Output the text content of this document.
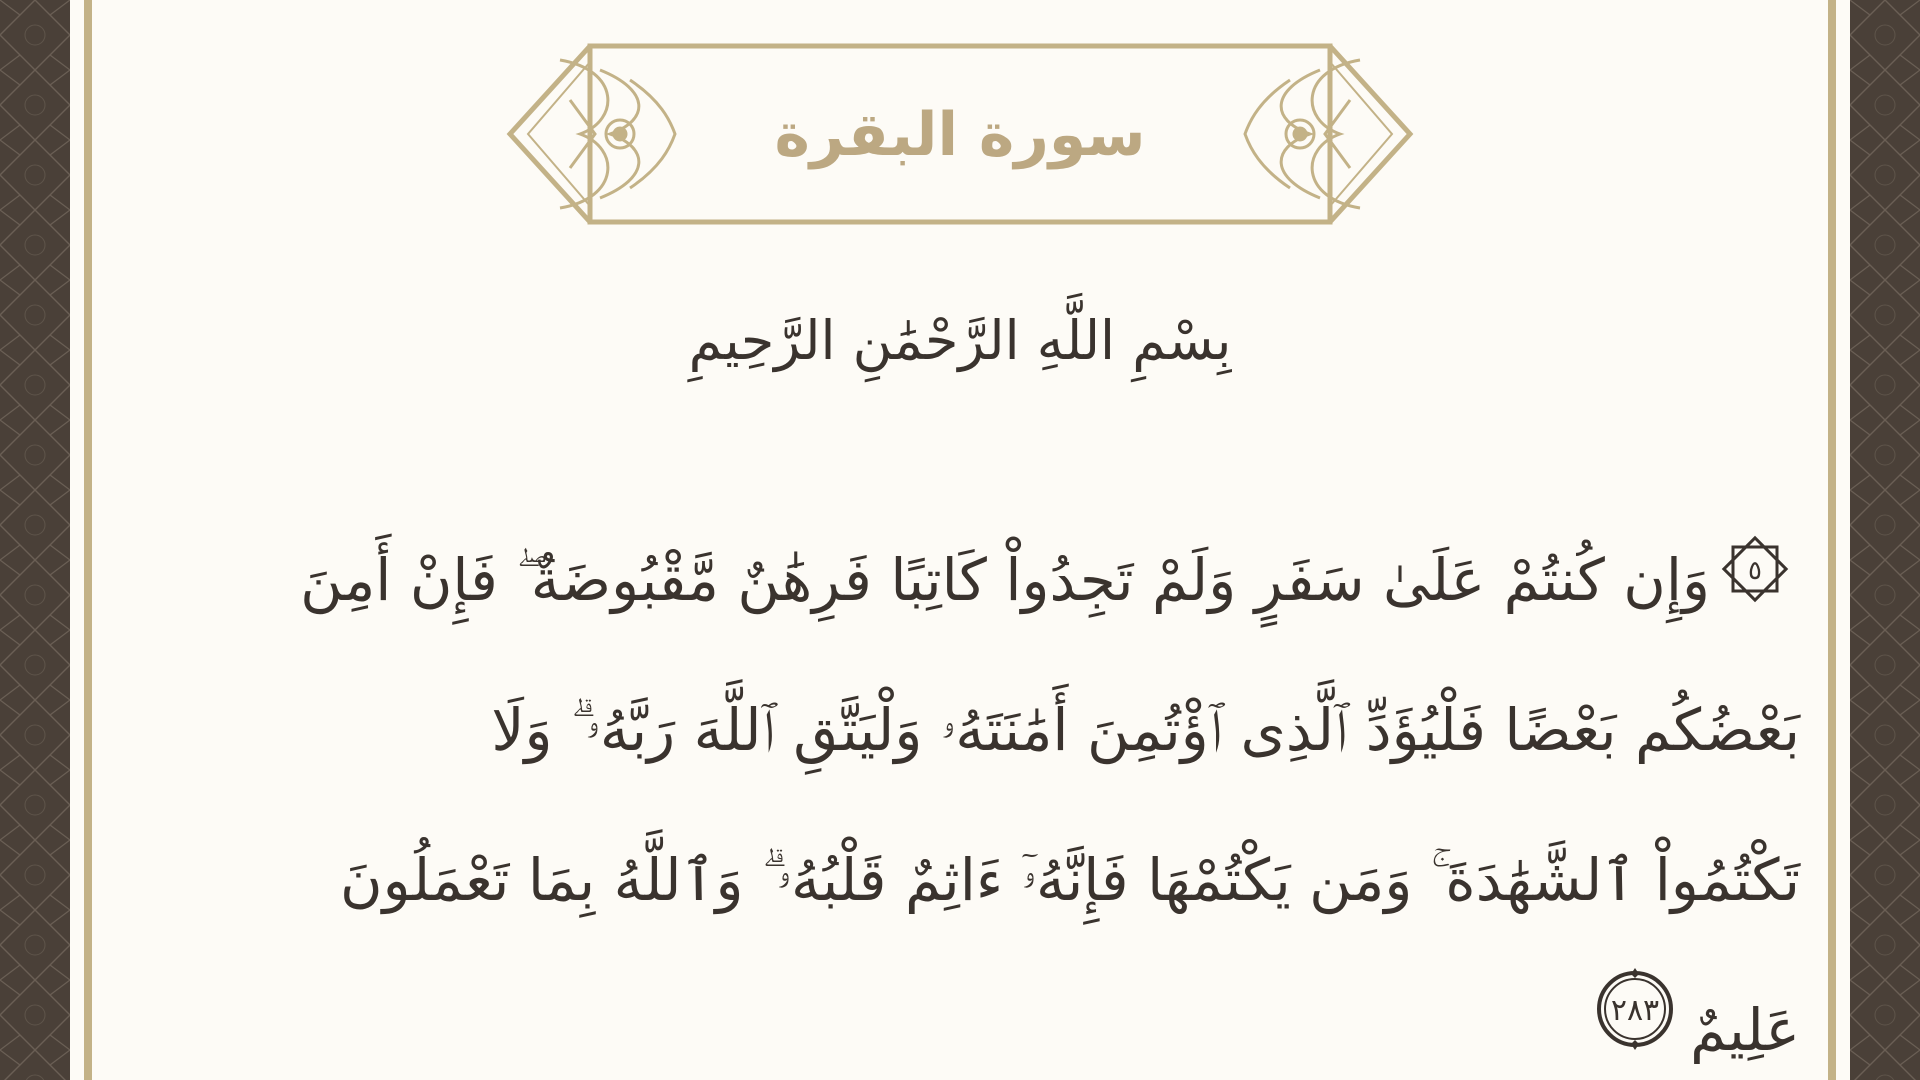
سورة البقرة
بِسْمِ اللَّهِ الرَّحْمَٰنِ الرَّحِيمِ
٥
وَإِن كُنتُمْ عَلَىٰ سَفَرٍ وَلَمْ تَجِدُواْ كَاتِبًا فَرِهَٰنٌ مَّقْبُوضَةٌ ۖ فَإِنْ أَمِنَ
بَعْضُكُم بَعْضًا فَلْيُؤَدِّ ٱلَّذِى ٱؤْتُمِنَ أَمَٰنَتَهُۥ وَلْيَتَّقِ ٱللَّهَ رَبَّهُۥ ۗ وَلَا
تَكْتُمُواْ ٱلشَّهَٰدَةَ ۚ وَمَن يَكْتُمْهَا فَإِنَّهُۥٓ ءَاثِمٌ قَلْبُهُۥ ۗ وَٱللَّهُ بِمَا تَعْمَلُونَ
عَلِيمٌ
٢٨٣
